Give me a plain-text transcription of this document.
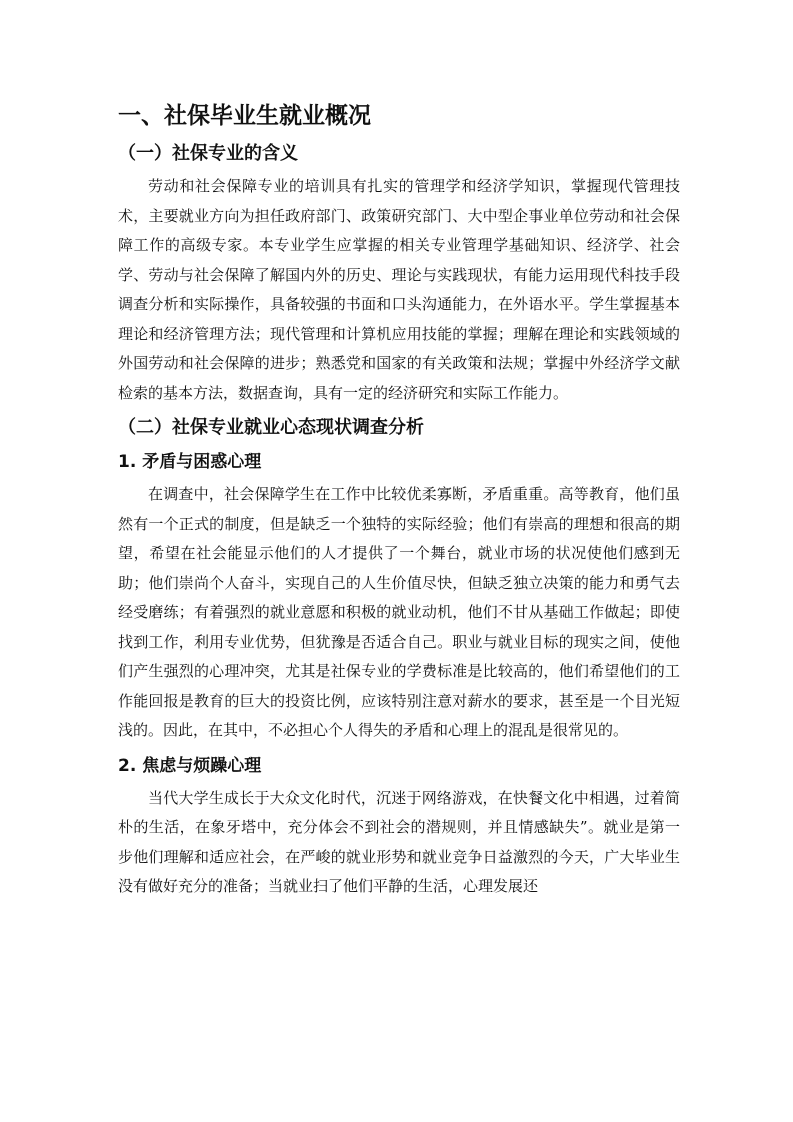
一、社保毕业生就业概况
（一）社保专业的含义

劳动和社会保障专业的培训具有扎实的管理学和经济学知识，掌握现代管理技术，主要就业方向为担任政府部门、政策研究部门、大中型企事业单位劳动和社会保障工作的高级专家。本专业学生应掌握的相关专业管理学基础知识、经济学、社会学、劳动与社会保障了解国内外的历史、理论与实践现状，有能力运用现代科技手段调查分析和实际操作，具备较强的书面和口头沟通能力，在外语水平。学生掌握基本理论和经济管理方法；现代管理和计算机应用技能的掌握；理解在理论和实践领域的外国劳动和社会保障的进步；熟悉党和国家的有关政策和法规；掌握中外经济学文献检索的基本方法，数据查询，具有一定的经济研究和实际工作能力。

（二）社保专业就业心态现状调查分析
1. 矛盾与困惑心理

在调查中，社会保障学生在工作中比较优柔寡断，矛盾重重。高等教育，他们虽然有一个正式的制度，但是缺乏一个独特的实际经验；他们有崇高的理想和很高的期望，希望在社会能显示他们的人才提供了一个舞台，就业市场的状况使他们感到无助；他们崇尚个人奋斗，实现自己的人生价值尽快，但缺乏独立决策的能力和勇气去经受磨练；有着强烈的就业意愿和积极的就业动机，他们不甘从基础工作做起；即使找到工作，利用专业优势，但犹豫是否适合自己。职业与就业目标的现实之间，使他们产生强烈的心理冲突，尤其是社保专业的学费标准是比较高的，他们希望他们的工作能回报是教育的巨大的投资比例，应该特别注意对薪水的要求，甚至是一个目光短浅的。因此，在其中，不必担心个人得失的矛盾和心理上的混乱是很常见的。

2. 焦虑与烦躁心理

当代大学生成长于大众文化时代，沉迷于网络游戏，在快餐文化中相遇，过着简朴的生活，在象牙塔中，充分体会不到社会的潜规则，并且情感缺失”。就业是第一步他们理解和适应社会，在严峻的就业形势和就业竞争日益激烈的今天，广大毕业生没有做好充分的准备；当就业扫了他们平静的生活，心理发展还
